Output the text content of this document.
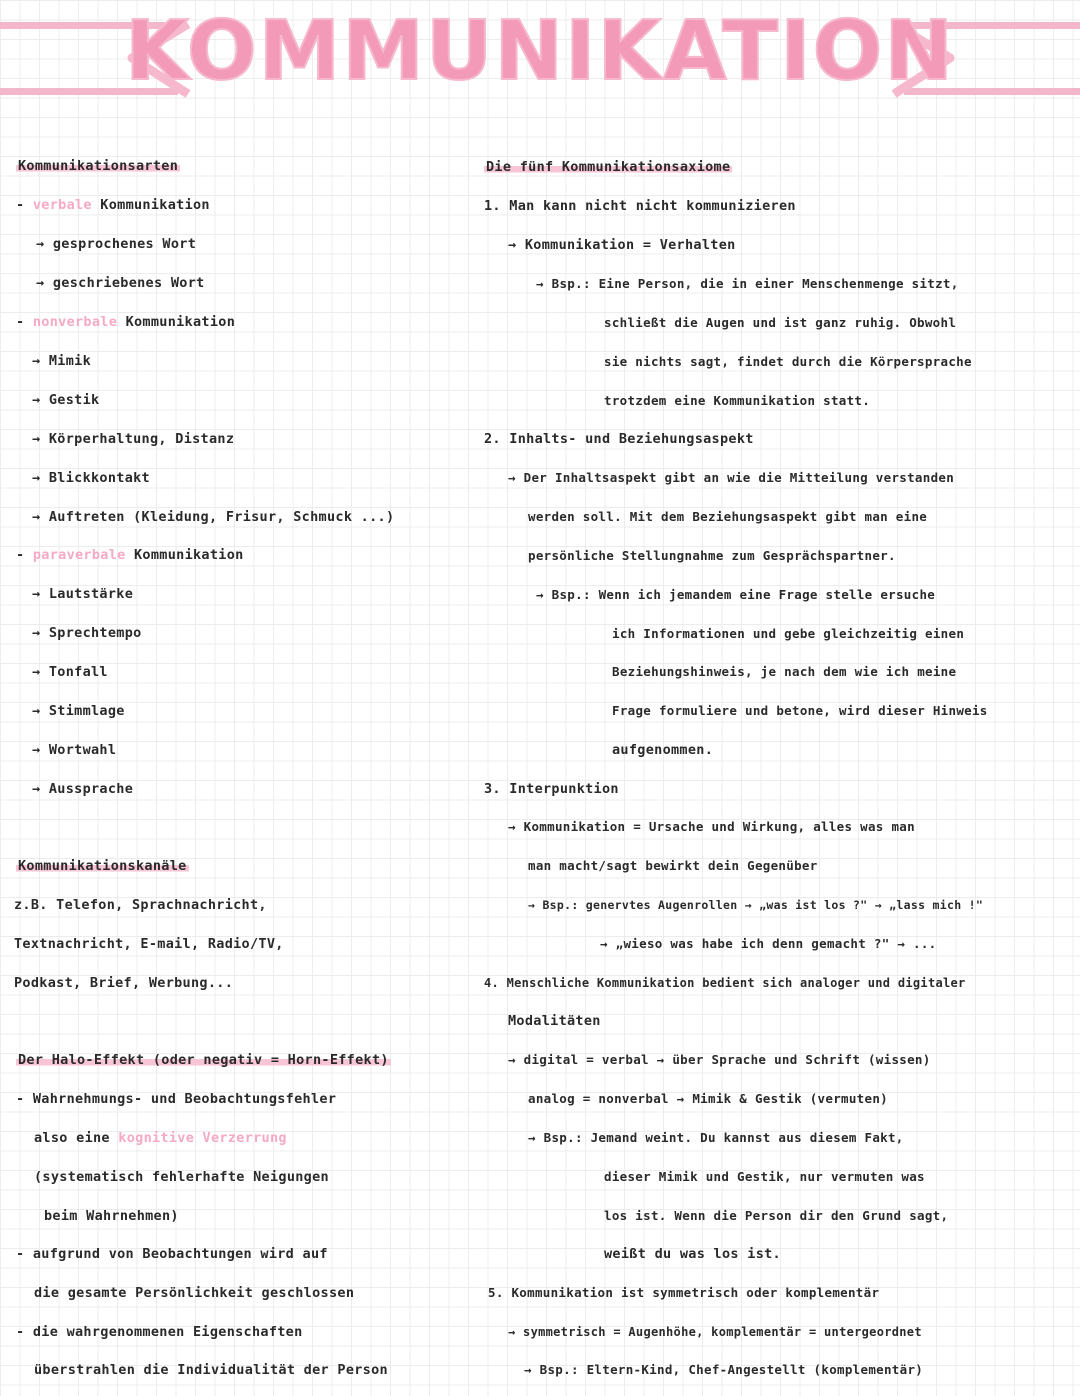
KOMMUNIKATION
Kommunikationsarten
- verbale Kommunikation
→ gesprochenes Wort
→ geschriebenes Wort
- nonverbale Kommunikation
→ Mimik
→ Gestik
→ Körperhaltung, Distanz
→ Blickkontakt
→ Auftreten (Kleidung, Frisur, Schmuck ...)
- paraverbale Kommunikation
→ Lautstärke
→ Sprechtempo
→ Tonfall
→ Stimmlage
→ Wortwahl
→ Aussprache
Kommunikationskanäle
z.B. Telefon, Sprachnachricht,
Textnachricht, E-mail, Radio/TV,
Podkast, Brief, Werbung...
Der Halo-Effekt (oder negativ = Horn-Effekt)
- Wahrnehmungs- und Beobachtungsfehler
also eine kognitive Verzerrung
(systematisch fehlerhafte Neigungen
beim Wahrnehmen)
- aufgrund von Beobachtungen wird auf
die gesamte Persönlichkeit geschlossen
- die wahrgenommenen Eigenschaften
überstrahlen die Individualität der Person
Die fünf Kommunikationsaxiome
1. Man kann nicht nicht kommunizieren
→ Kommunikation = Verhalten
→ Bsp.: Eine Person, die in einer Menschenmenge sitzt,
schließt die Augen und ist ganz ruhig. Obwohl
sie nichts sagt, findet durch die Körpersprache
trotzdem eine Kommunikation statt.
2. Inhalts- und Beziehungsaspekt
→ Der Inhaltsaspekt gibt an wie die Mitteilung verstanden
werden soll. Mit dem Beziehungsaspekt gibt man eine
persönliche Stellungnahme zum Gesprächspartner.
→ Bsp.: Wenn ich jemandem eine Frage stelle ersuche
ich Informationen und gebe gleichzeitig einen
Beziehungshinweis, je nach dem wie ich meine
Frage formuliere und betone, wird dieser Hinweis
aufgenommen.
3. Interpunktion
→ Kommunikation = Ursache und Wirkung, alles was man
man macht/sagt bewirkt dein Gegenüber
→ Bsp.: genervtes Augenrollen → „was ist los ?" → „lass mich !"
→ „wieso was habe ich denn gemacht ?" → ...
4. Menschliche Kommunikation bedient sich analoger und digitaler
Modalitäten
→ digital = verbal → über Sprache und Schrift (wissen)
analog = nonverbal → Mimik & Gestik (vermuten)
→ Bsp.: Jemand weint. Du kannst aus diesem Fakt,
dieser Mimik und Gestik, nur vermuten was
los ist. Wenn die Person dir den Grund sagt,
weißt du was los ist.
5. Kommunikation ist symmetrisch oder komplementär
→ symmetrisch = Augenhöhe, komplementär = untergeordnet
→ Bsp.: Eltern-Kind, Chef-Angestellt (komplementär)
